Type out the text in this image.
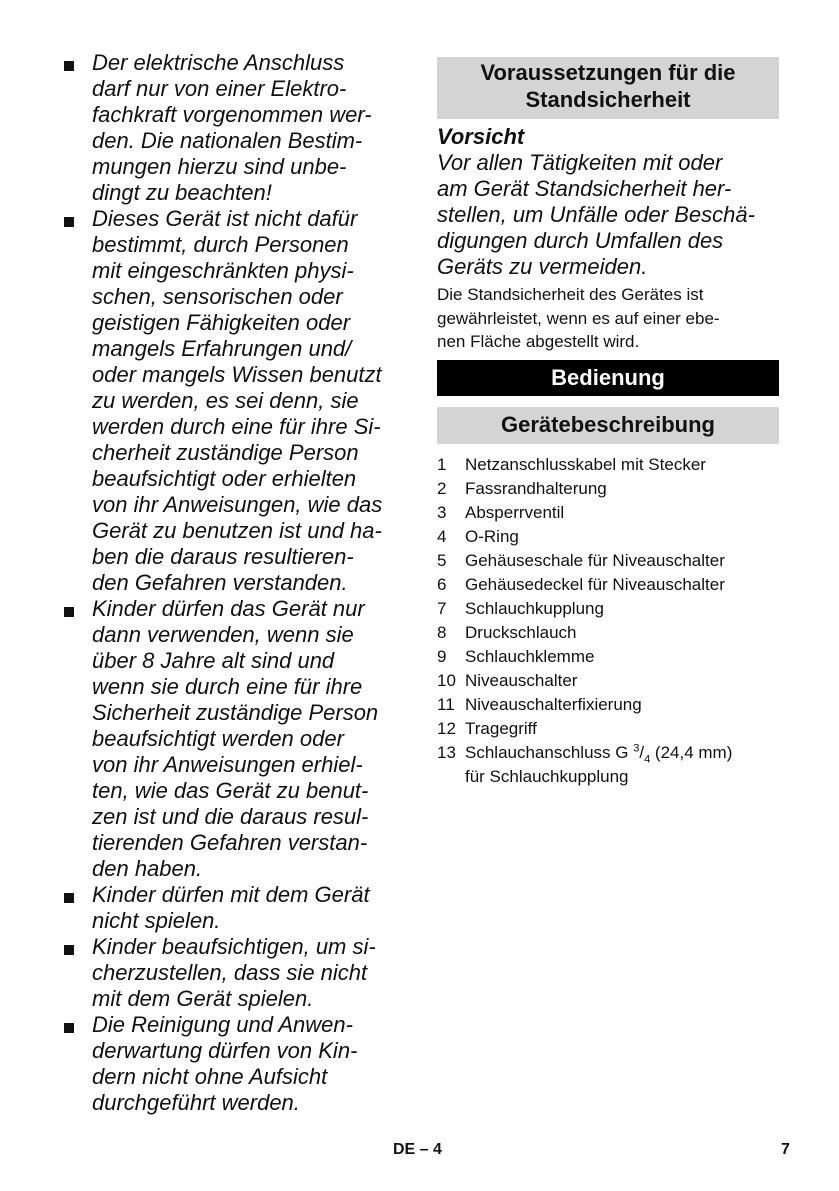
Der elektrische Anschluss
darf nur von einer Elektro-
fachkraft vorgenommen wer-
den. Die nationalen Bestim-
mungen hierzu sind unbe-
dingt zu beachten!
Dieses Gerät ist nicht dafür
bestimmt, durch Personen
mit eingeschränkten physi-
schen, sensorischen oder
geistigen Fähigkeiten oder
mangels Erfahrungen und/
oder mangels Wissen benutzt
zu werden, es sei denn, sie
werden durch eine für ihre Si-
cherheit zuständige Person
beaufsichtigt oder erhielten
von ihr Anweisungen, wie das
Gerät zu benutzen ist und ha-
ben die daraus resultieren-
den Gefahren verstanden.
Kinder dürfen das Gerät nur
dann verwenden, wenn sie
über 8 Jahre alt sind und
wenn sie durch eine für ihre
Sicherheit zuständige Person
beaufsichtigt werden oder
von ihr Anweisungen erhiel-
ten, wie das Gerät zu benut-
zen ist und die daraus resul-
tierenden Gefahren verstan-
den haben.
Kinder dürfen mit dem Gerät
nicht spielen.
Kinder beaufsichtigen, um si-
cherzustellen, dass sie nicht
mit dem Gerät spielen.
Die Reinigung und Anwen-
derwartung dürfen von Kin-
dern nicht ohne Aufsicht
durchgeführt werden.
Voraussetzungen für die
Standsicherheit
Vorsicht
Vor allen Tätigkeiten mit oder
am Gerät Standsicherheit her-
stellen, um Unfälle oder Beschä-
digungen durch Umfallen des
Geräts zu vermeiden.
Die Standsicherheit des Gerätes ist
gewährleistet, wenn es auf einer ebe-
nen Fläche abgestellt wird.
Bedienung
Gerätebeschreibung
1 Netzanschlusskabel mit Stecker
2 Fassrandhalterung
3 Absperrventil
4 O-Ring
5 Gehäuseschale für Niveauschalter
6 Gehäusedeckel für Niveauschalter
7 Schlauchkupplung
8 Druckschlauch
9 Schlauchklemme
10 Niveauschalter
11 Niveauschalterfixierung
12 Tragegriff
13 Schlauchanschluss G $^3/_4$ (24,4 mm)
für Schlauchkupplung
DE – 4	7
